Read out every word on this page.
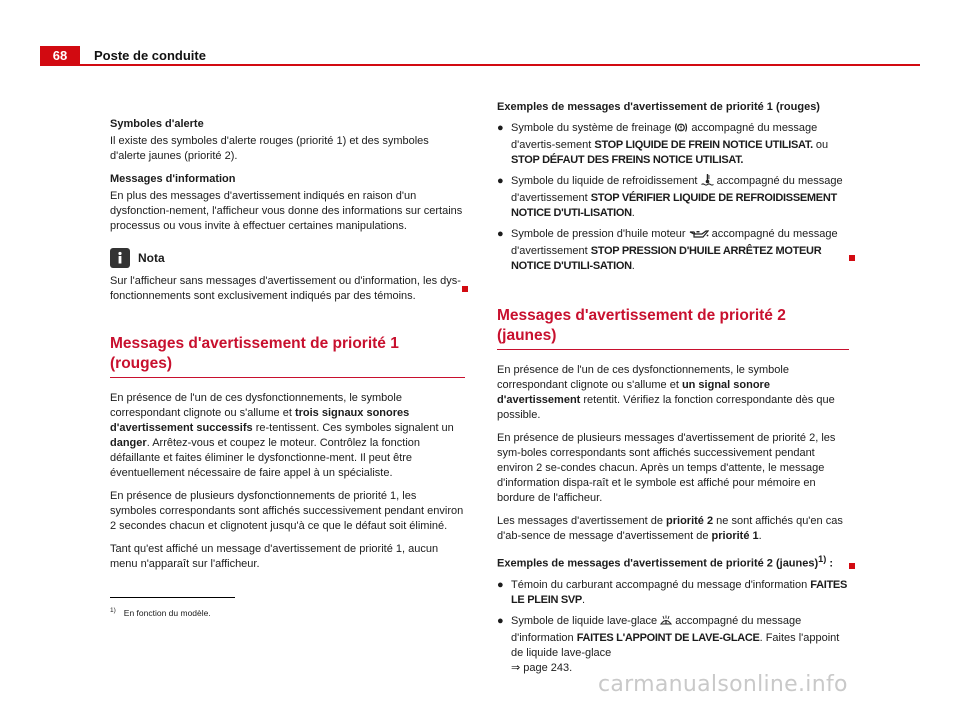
68	Poste de conduite

Symboles d'alerte

Il existe des symboles d'alerte rouges (priorité 1) et des symboles d'alerte jaunes (priorité 2).

Messages d'information

En plus des messages d'avertissement indiqués en raison d'un dysfonction-nement, l'afficheur vous donne des informations sur certains processus ou vous invite à effectuer certaines manipulations.

Nota

Sur l'afficheur sans messages d'avertissement ou d'information, les dys-fonctionnements sont exclusivement indiqués par des témoins.

Messages d'avertissement de priorité 1 (rouges)

En présence de l'un de ces dysfonctionnements, le symbole correspondant clignote ou s'allume et trois signaux sonores d'avertissement successifs re-tentissent. Ces symboles signalent un danger. Arrêtez-vous et coupez le moteur. Contrôlez la fonction défaillante et faites éliminer le dysfonctionne-ment. Il peut être éventuellement nécessaire de faire appel à un spécialiste.

En présence de plusieurs dysfonctionnements de priorité 1, les symboles correspondants sont affichés successivement pendant environ 2 secondes chacun et clignotent jusqu'à ce que le défaut soit éliminé.

Tant qu'est affiché un message d'avertissement de priorité 1, aucun menu n'apparaît sur l'afficheur.

Exemples de messages d'avertissement de priorité 1 (rouges)

● Symbole du système de freinage  accompagné du message d'avertis-sement STOP LIQUIDE DE FREIN NOTICE UTILISAT. ou STOP DÉFAUT DES FREINS NOTICE UTILISAT.
● Symbole du liquide de refroidissement  accompagné du message d'avertissement STOP VÉRIFIER LIQUIDE DE REFROIDISSEMENT NOTICE D'UTI-LISATION.
● Symbole de pression d'huile moteur  accompagné du message d'avertissement STOP PRESSION D'HUILE ARRÊTEZ MOTEUR NOTICE D'UTILI-SATION.
Messages d'avertissement de priorité 2 (jaunes)

En présence de l'un de ces dysfonctionnements, le symbole correspondant clignote ou s'allume et un signal sonore d'avertissement retentit. Vérifiez la fonction correspondante dès que possible.

En présence de plusieurs messages d'avertissement de priorité 2, les sym-boles correspondants sont affichés successivement pendant environ 2 se-condes chacun. Après un temps d'attente, le message d'information dispa-raît et le symbole est affiché pour mémoire en bordure de l'afficheur.

Les messages d'avertissement de priorité 2 ne sont affichés qu'en cas d'ab-sence de message d'avertissement de priorité 1.

Exemples de messages d'avertissement de priorité 2 (jaunes)$^{1)}$ :

● Témoin du carburant accompagné du message d'information FAITES LE PLEIN SVP.
● Symbole de liquide lave-glace  accompagné du message d'information FAITES L'APPOINT DE LAVE-GLACE. Faites l'appoint de liquide lave-glace
⇒ page 243.
$^{1)}$ En fonction du modèle.
carmanualsonline.info
